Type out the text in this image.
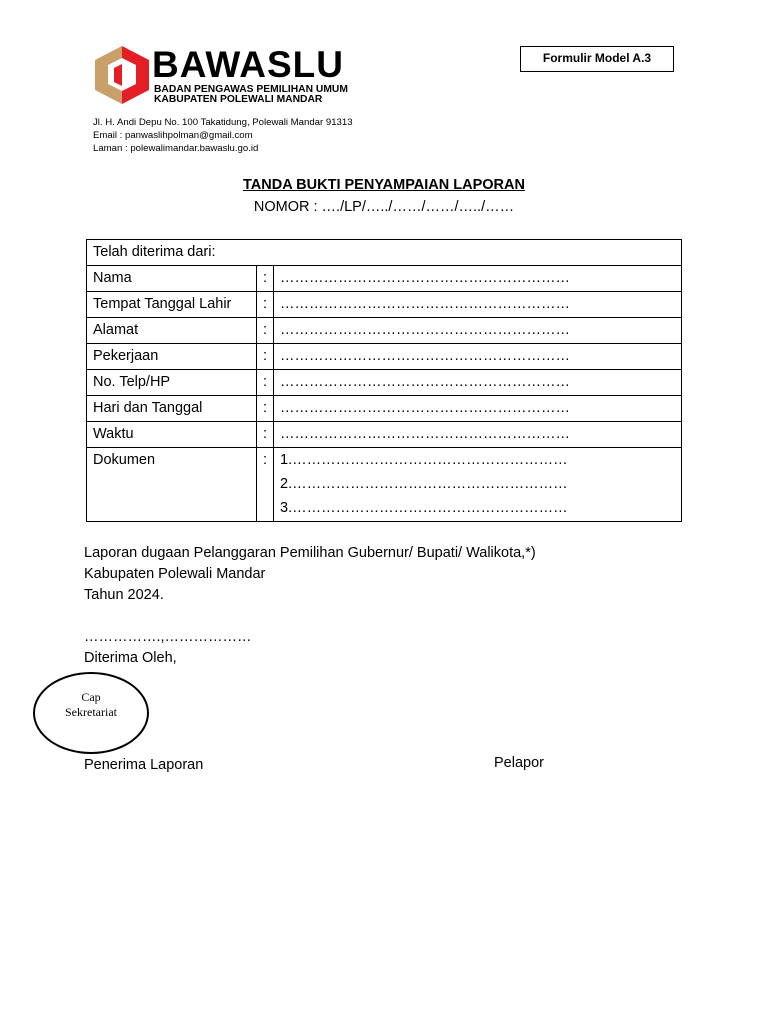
BAWASLU
BADAN PENGAWAS PEMILIHAN UMUM
KABUPATEN POLEWALI MANDAR
Formulir Model A.3
Jl. H. Andi Depu No. 100 Takatidung, Polewali Mandar 91313
Email : panwaslihpolman@gmail.com
Laman : polewalimandar.bawaslu.go.id
TANDA BUKTI PENYAMPAIAN LAPORAN
NOMOR : …./LP/…../……/……/…../……
Telah diterima dari:		
Nama	:	……………………………………………………
Tempat Tanggal Lahir	:	……………………………………………………
Alamat	:	……………………………………………………
Pekerjaan	:	……………………………………………………
No. Telp/HP	:	……………………………………………………
Hari dan Tanggal	:	……………………………………………………
Waktu	:	……………………………………………………
Dokumen	:	1.…………………………………………………
2.…………………………………………………
3.…………………………………………………
Laporan dugaan Pelanggaran Pemilihan Gubernur/ Bupati/ Walikota,*)
Kabupaten Polewali Mandar
Tahun 2024.
…………….,………………
Diterima Oleh,
Cap
Sekretariat
Penerima Laporan	Pelapor
